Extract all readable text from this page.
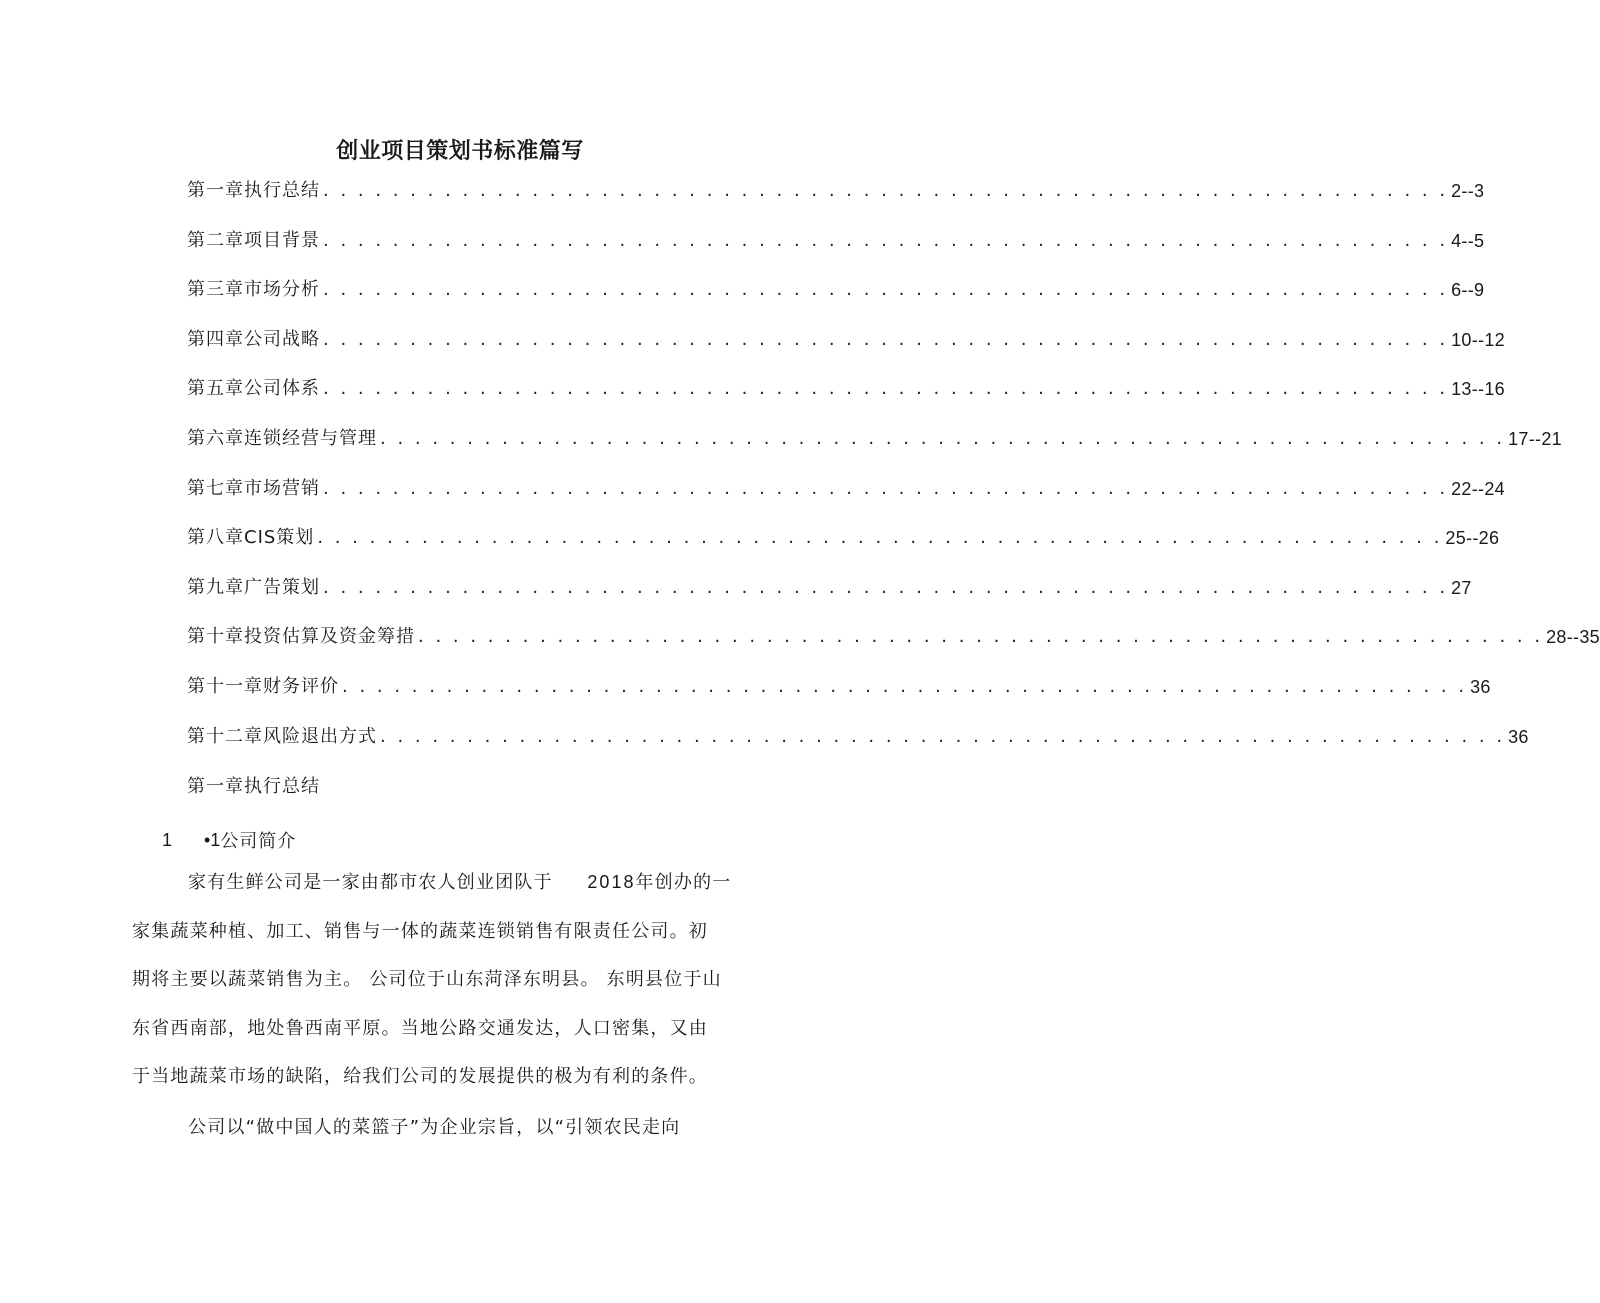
创业项目策划书标准篇写
第一章执行总结 . . . . . . . . . . . . . . . . . . . . . . . . . . . . . . . . . . . . . . . . . . . . . . . . . . . . . . . . . . . . . . . . . 2--3
第二章项目背景 . . . . . . . . . . . . . . . . . . . . . . . . . . . . . . . . . . . . . . . . . . . . . . . . . . . . . . . . . . . . . . . . . 4--5
第三章市场分析 . . . . . . . . . . . . . . . . . . . . . . . . . . . . . . . . . . . . . . . . . . . . . . . . . . . . . . . . . . . . . . . . . 6--9
第四章公司战略 . . . . . . . . . . . . . . . . . . . . . . . . . . . . . . . . . . . . . . . . . . . . . . . . . . . . . . . . . . . . . . . . . 10--12
第五章公司体系 . . . . . . . . . . . . . . . . . . . . . . . . . . . . . . . . . . . . . . . . . . . . . . . . . . . . . . . . . . . . . . . . . 13--16
第六章连锁经营与管理 . . . . . . . . . . . . . . . . . . . . . . . . . . . . . . . . . . . . . . . . . . . . . . . . . . . . . . . . . . . . . . . . . 17--21
第七章市场营销 . . . . . . . . . . . . . . . . . . . . . . . . . . . . . . . . . . . . . . . . . . . . . . . . . . . . . . . . . . . . . . . . . 22--24
第八章CIS策划 . . . . . . . . . . . . . . . . . . . . . . . . . . . . . . . . . . . . . . . . . . . . . . . . . . . . . . . . . . . . . . . . . 25--26
第九章广告策划 . . . . . . . . . . . . . . . . . . . . . . . . . . . . . . . . . . . . . . . . . . . . . . . . . . . . . . . . . . . . . . . . . 27
第十章投资估算及资金筹措 . . . . . . . . . . . . . . . . . . . . . . . . . . . . . . . . . . . . . . . . . . . . . . . . . . . . . . . . . . . . . . . . . 28--35
第十一章财务评价 . . . . . . . . . . . . . . . . . . . . . . . . . . . . . . . . . . . . . . . . . . . . . . . . . . . . . . . . . . . . . . . . . 36
第十二章风险退出方式 . . . . . . . . . . . . . . . . . . . . . . . . . . . . . . . . . . . . . . . . . . . . . . . . . . . . . . . . . . . . . . . . . 36
第一章执行总结
1	•1 公司简介

家有生鲜公司是一家由都市农人创业团队于 2018年创办的一
家集蔬菜种植、加工、销售与一体的蔬菜连锁销售有限责任公司。初
期将主要以蔬菜销售为主。 公司位于山东菏泽东明县。 东明县位于山
东省西南部，地处鲁西南平原。当地公路交通发达，人口密集，又由
于当地蔬菜市场的缺陷，给我们公司的发展提供的极为有利的条件。

公司以“做中国人的菜篮子”为企业宗旨，以“引领农民走向
